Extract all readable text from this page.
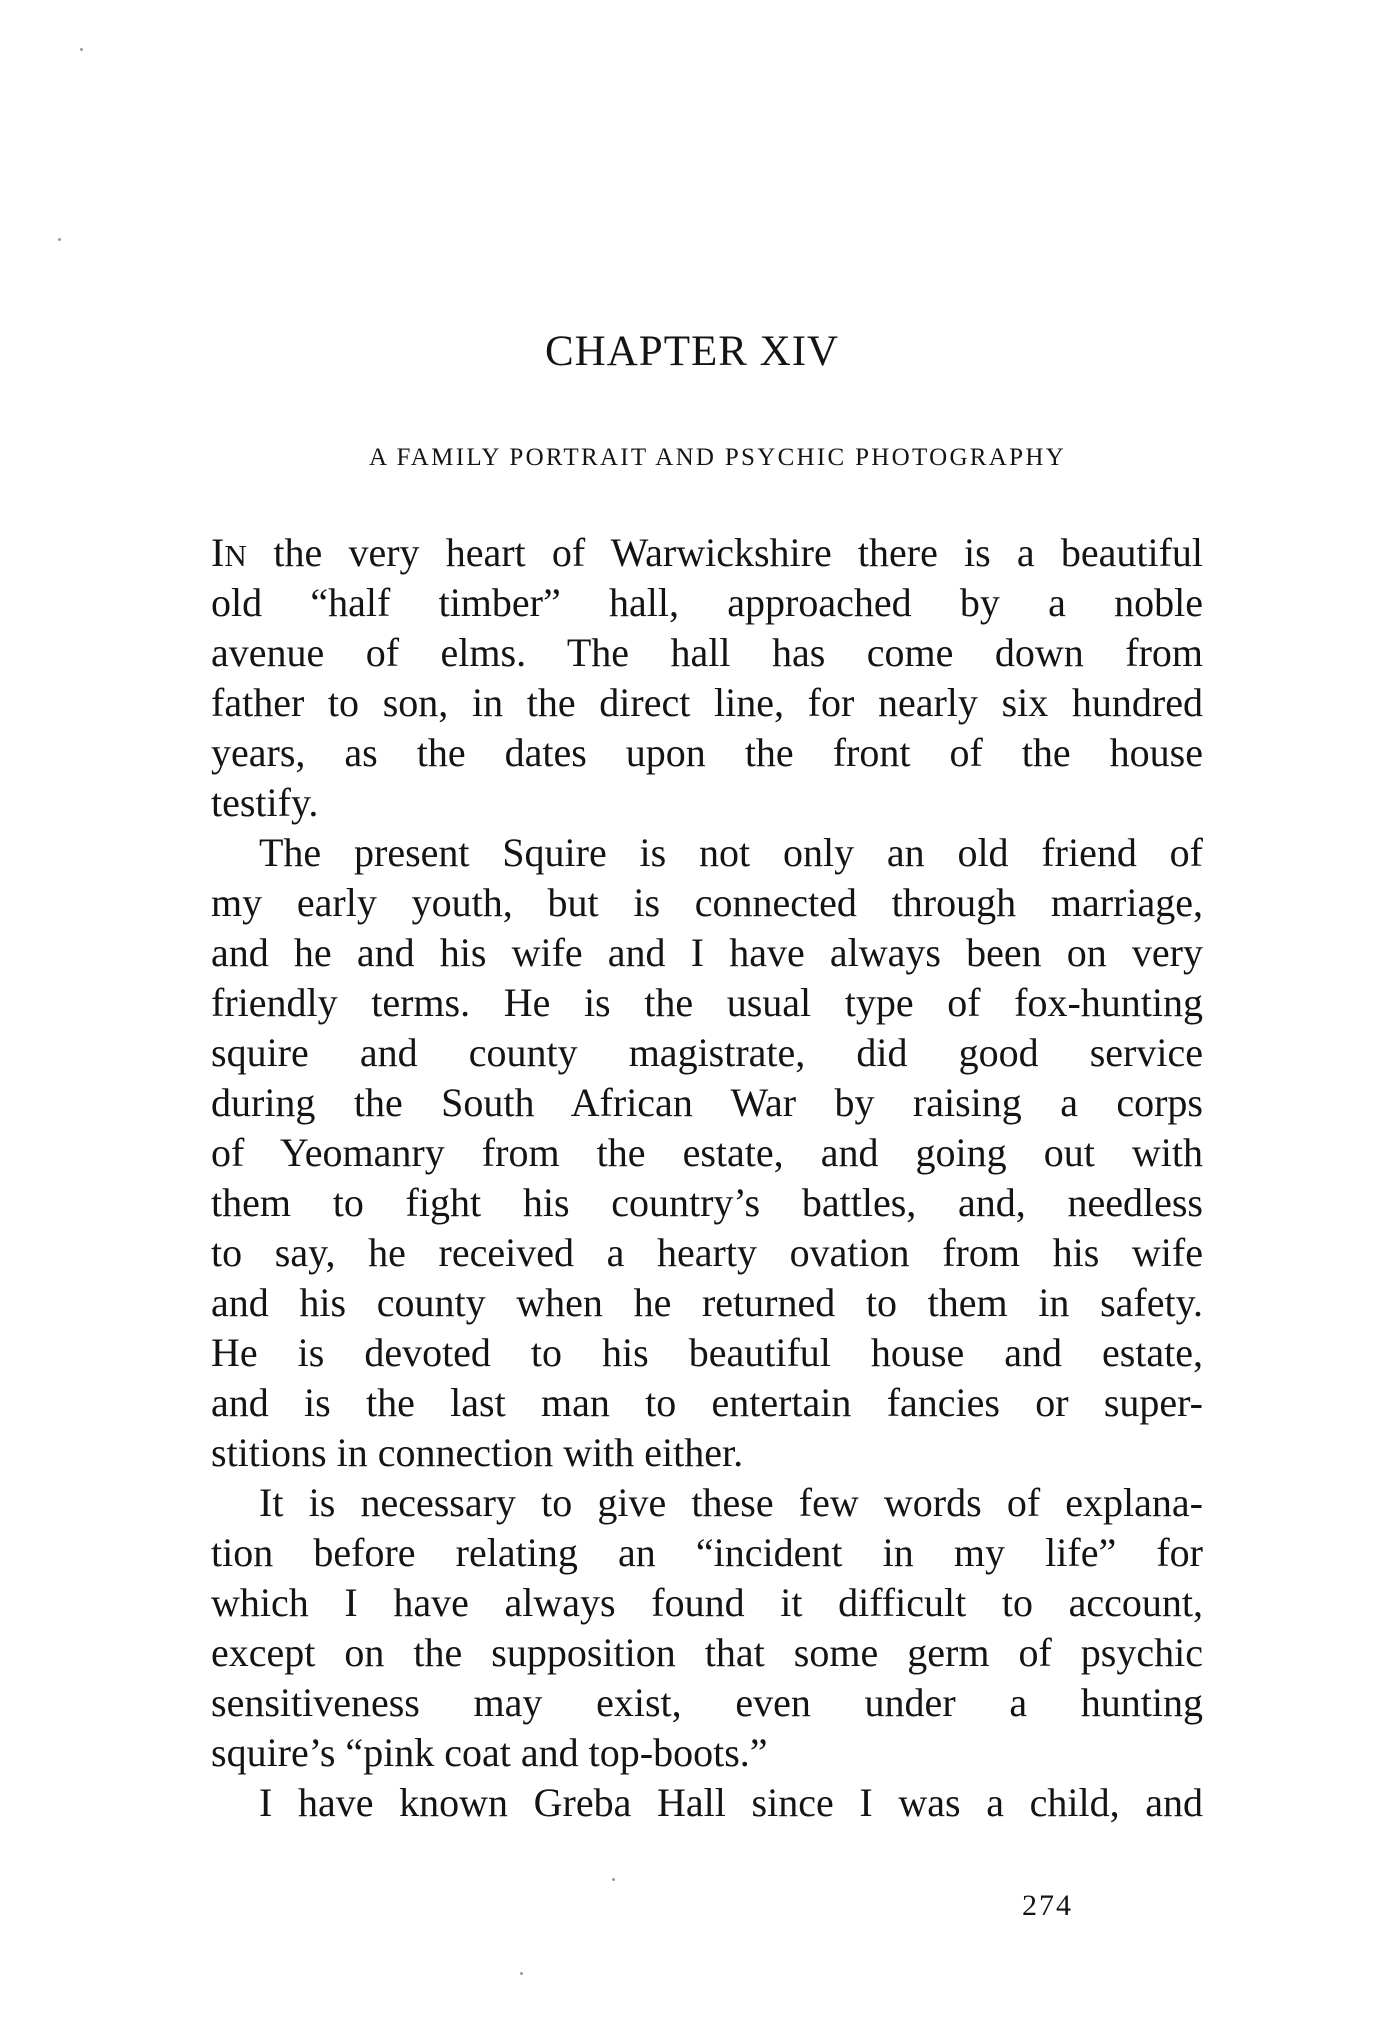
CHAPTER XIV
A FAMILY PORTRAIT AND PSYCHIC PHOTOGRAPHY
IN the very heart of Warwickshire there is a beautiful
old “half timber” hall, approached by a noble
avenue of elms. The hall has come down from
father to son, in the direct line, for nearly six hundred
years, as the dates upon the front of the house
testify.
The present Squire is not only an old friend of
my early youth, but is connected through marriage,
and he and his wife and I have always been on very
friendly terms. He is the usual type of fox-hunting
squire and county magistrate, did good service
during the South African War by raising a corps
of Yeomanry from the estate, and going out with
them to fight his country’s battles, and, needless
to say, he received a hearty ovation from his wife
and his county when he returned to them in safety.
He is devoted to his beautiful house and estate,
and is the last man to entertain fancies or super-
stitions in connection with either.
It is necessary to give these few words of explana-
tion before relating an “incident in my life” for
which I have always found it difficult to account,
except on the supposition that some germ of psychic
sensitiveness may exist, even under a hunting
squire’s “pink coat and top-boots.”
I have known Greba Hall since I was a child, and
274
